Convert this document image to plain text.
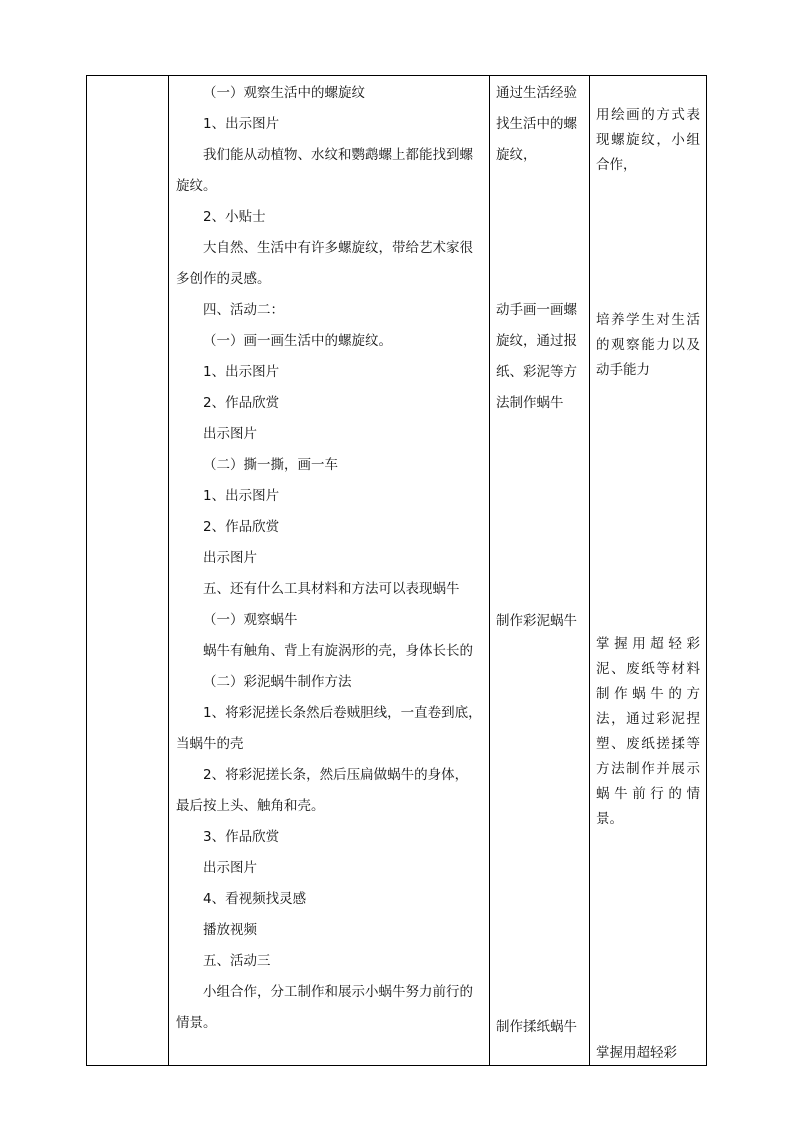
（一）观察生活中的螺旋纹
1、出示图片
我们能从动植物、水纹和鹦鹉螺上都能找到螺
旋纹。
2、小贴士
大自然、生活中有许多螺旋纹，带给艺术家很
多创作的灵感。
四、活动二：
（一）画一画生活中的螺旋纹。
1、出示图片
2、作品欣赏
出示图片
（二）撕一撕，画一车
1、出示图片
2、作品欣赏
出示图片
五、还有什么工具材料和方法可以表现蜗牛
（一）观察蜗牛
蜗牛有触角、背上有旋涡形的壳，身体长长的
（二）彩泥蜗牛制作方法
1、将彩泥搓长条然后卷贼胆线，一直卷到底，
当蜗牛的壳
2、将彩泥搓长条，然后压扁做蜗牛的身体，
最后按上头、触角和壳。
3、作品欣赏
出示图片
4、看视频找灵感
播放视频
五、活动三
小组合作，分工制作和展示小蜗牛努力前行的
情景。
通过生活经验
找生活中的螺
旋纹，
动手画一画螺
旋纹，通过报
纸、彩泥等方
法制作蜗牛
制作彩泥蜗牛
制作揉纸蜗牛
用绘画的方式表现螺旋纹，小组合作，
培养学生对生活的观察能力以及动手能力
掌握用超轻彩泥、废纸等材料制作蜗牛的方法，通过彩泥捏塑、废纸搓揉等方法制作并展示蜗牛前行的情景。
掌握用超轻彩
